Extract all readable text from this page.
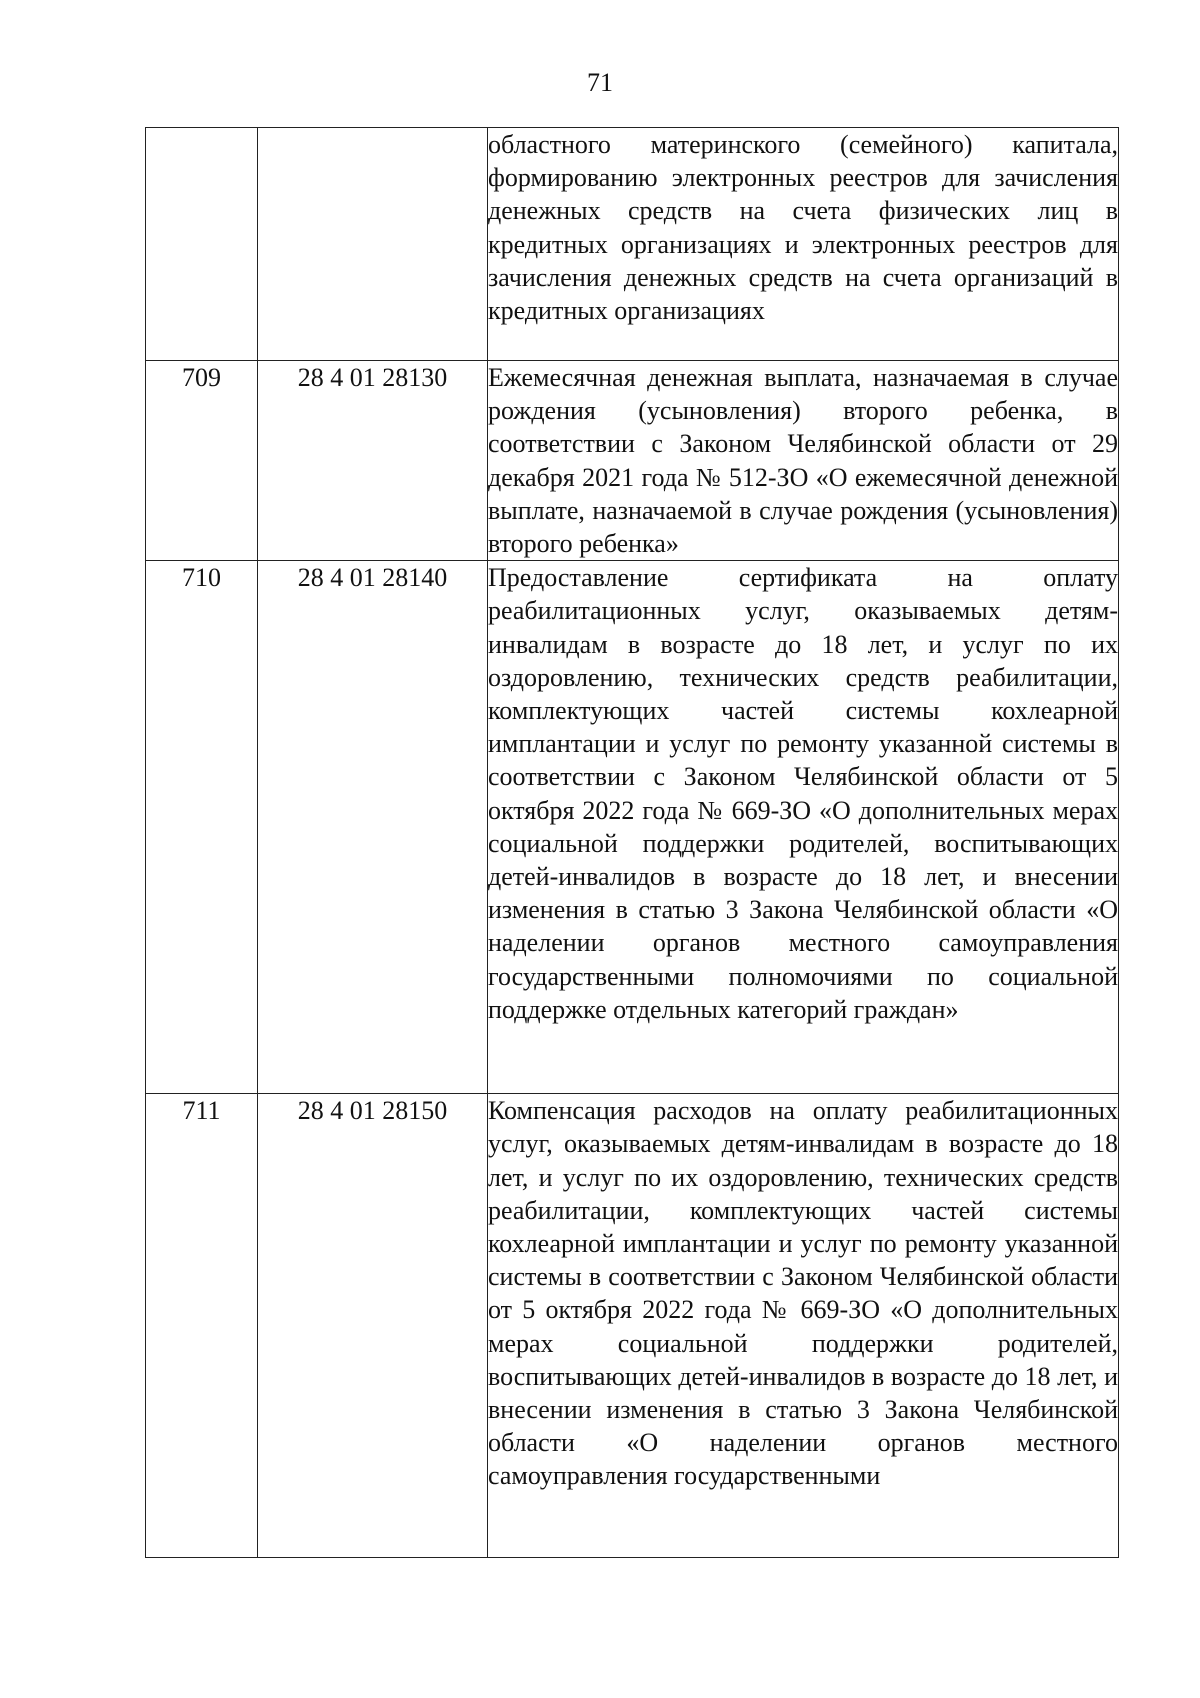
71

		областного материнского (семейного) капитала, формированию электронных реестров для зачисления денежных средств на счета физических лиц в кредитных организациях и электронных реестров для зачисления денежных средств на счета организаций в кредитных организациях

709	28 4 01 28130	Ежемесячная денежная выплата, назначаемая в случае рождения (усыновления) второго ребенка, в соответствии с Законом Челябинской области от 29 декабря 2021 года № 512-ЗО «О ежемесячной денежной выплате, назначаемой в случае рождения (усыновления) второго ребенка»

710	28 4 01 28140	Предоставление сертификата на оплату реабилитационных услуг, оказываемых детям-инвалидам в возрасте до 18 лет, и услуг по их оздоровлению, технических средств реабилитации, комплектующих частей системы кохлеарной имплантации и услуг по ремонту указанной системы в соответствии с Законом Челябинской области от 5 октября 2022 года № 669-ЗО «О дополнительных мерах социальной поддержки родителей, воспитывающих детей-инвалидов в возрасте до 18 лет, и внесении изменения в статью 3 Закона Челябинской области «О наделении органов местного самоуправления государственными полномочиями по социальной поддержке отдельных категорий граждан»

711	28 4 01 28150	Компенсация расходов на оплату реабилитационных услуг, оказываемых детям-инвалидам в возрасте до 18 лет, и услуг по их оздоровлению, технических средств реабилитации, комплектующих частей системы кохлеарной имплантации и услуг по ремонту указанной системы в соответствии с Законом Челябинской области от 5 октября 2022 года № 669-ЗО «О дополнительных мерах социальной поддержки родителей, воспитывающих детей-инвалидов в возрасте до 18 лет, и внесении изменения в статью 3 Закона Челябинской области «О наделении органов местного самоуправления государственными
